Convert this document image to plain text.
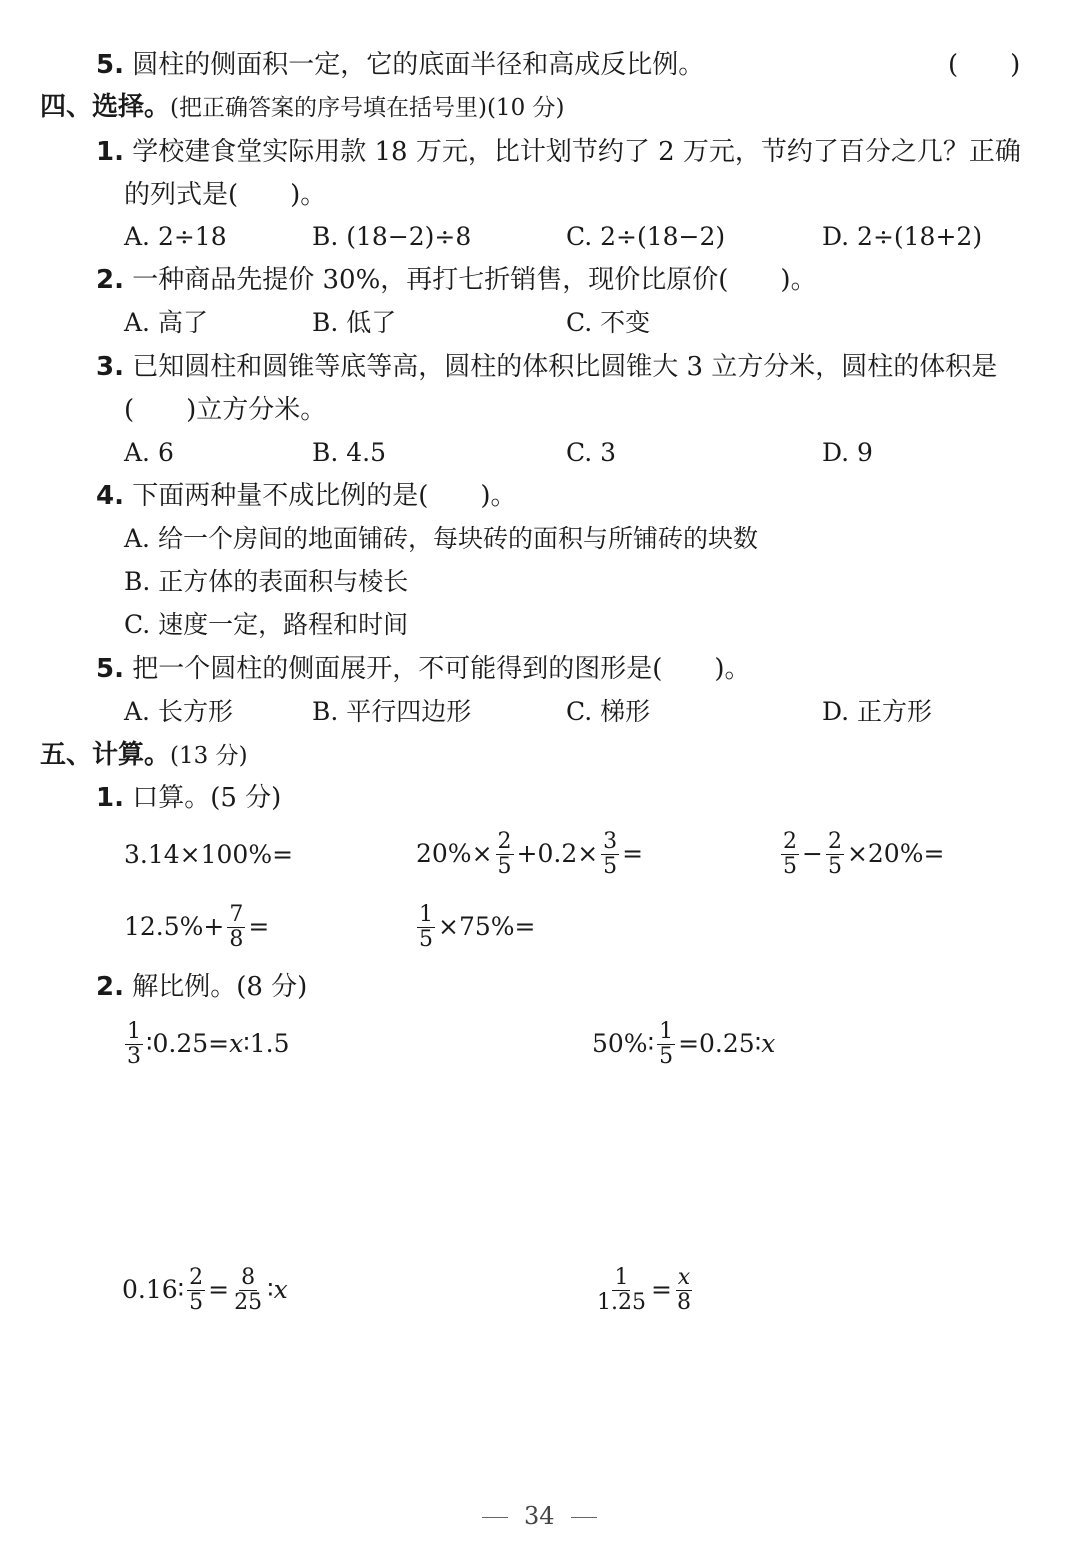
5. 圆柱的侧面积一定，它的底面半径和高成反比例。	(　　)
四、选择。(把正确答案的序号填在括号里)(10 分)
1. 学校建食堂实际用款 18 万元，比计划节约了 2 万元，节约了百分之几？正确
的列式是(　　)。
A. 2÷18	B. (18−2)÷8	C. 2÷(18−2)	D. 2÷(18+2)
2. 一种商品先提价 30%，再打七折销售，现价比原价(　　)。
A. 高了	B. 低了	C. 不变
3. 已知圆柱和圆锥等底等高，圆柱的体积比圆锥大 3 立方分米，圆柱的体积是
(　　)立方分米。
A. 6	B. 4.5	C. 3	D. 9
4. 下面两种量不成比例的是(　　)。
A. 给一个房间的地面铺砖，每块砖的面积与所铺砖的块数
B. 正方体的表面积与棱长
C. 速度一定，路程和时间
5. 把一个圆柱的侧面展开，不可能得到的图形是(　　)。
A. 长方形	B. 平行四边形	C. 梯形	D. 正方形
五、计算。(13 分)
1. 口算。(5 分)
3.14×100%=	$20\%\times \frac{2}{5} +0.2\times \frac{3}{5}$ =	$\frac{2}{5} - \frac{2}{5} \times 20\%=$
$12.5\%+ \frac{7}{8}$ =	$\frac{1}{5} \times 75\%=$
2. 解比例。(8 分)
$\frac{1}{3}$ ∶0.25= x ∶1.5	50%∶ $\frac{1}{5}$ =0.25∶ x
0.16∶ $\frac{2}{5} = \frac{8}{25}$ ∶ x	$\frac{1}{1.25} = \frac{x}{8}$
34
